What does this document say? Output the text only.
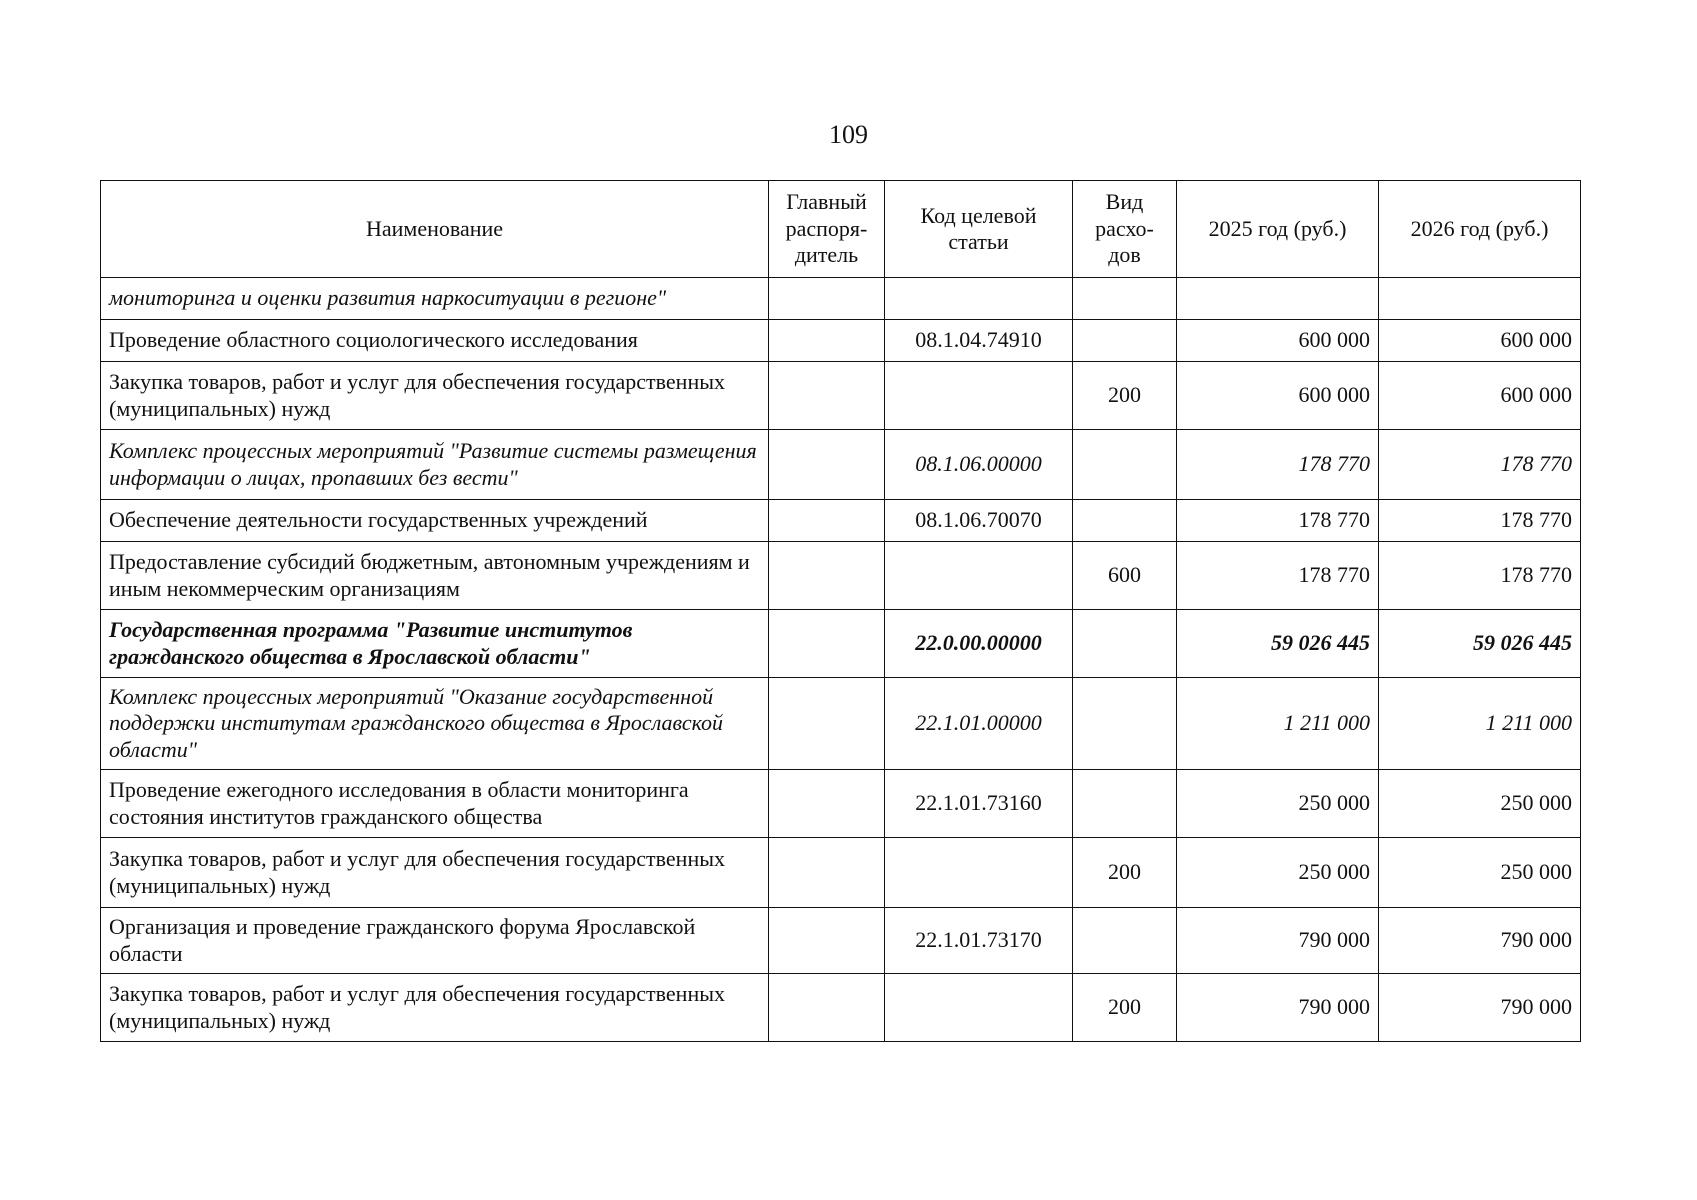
109
Наименование	Главный распоря-дитель	Код целевой статьи	Вид расхо-дов	2025 год (руб.)	2026 год (руб.)
мониторинга и оценки развития наркоситуации в регионе"					
Проведение областного социологического исследования		08.1.04.74910		600 000	600 000
Закупка товаров, работ и услуг для обеспечения государственных (муниципальных) нужд			200	600 000	600 000
Комплекс процессных мероприятий "Развитие системы размещения информации о лицах, пропавших без вести"		08.1.06.00000		178 770	178 770
Обеспечение деятельности государственных учреждений		08.1.06.70070		178 770	178 770
Предоставление субсидий бюджетным, автономным учреждениям и иным некоммерческим организациям			600	178 770	178 770
Государственная программа "Развитие институтов гражданского общества в Ярославской области"		22.0.00.00000		59 026 445	59 026 445
Комплекс процессных мероприятий "Оказание государственной поддержки институтам гражданского общества в Ярославской области"		22.1.01.00000		1 211 000	1 211 000
Проведение ежегодного исследования в области мониторинга состояния институтов гражданского общества		22.1.01.73160		250 000	250 000
Закупка товаров, работ и услуг для обеспечения государственных (муниципальных) нужд			200	250 000	250 000
Организация и проведение гражданского форума Ярославской области		22.1.01.73170		790 000	790 000
Закупка товаров, работ и услуг для обеспечения государственных (муниципальных) нужд			200	790 000	790 000
